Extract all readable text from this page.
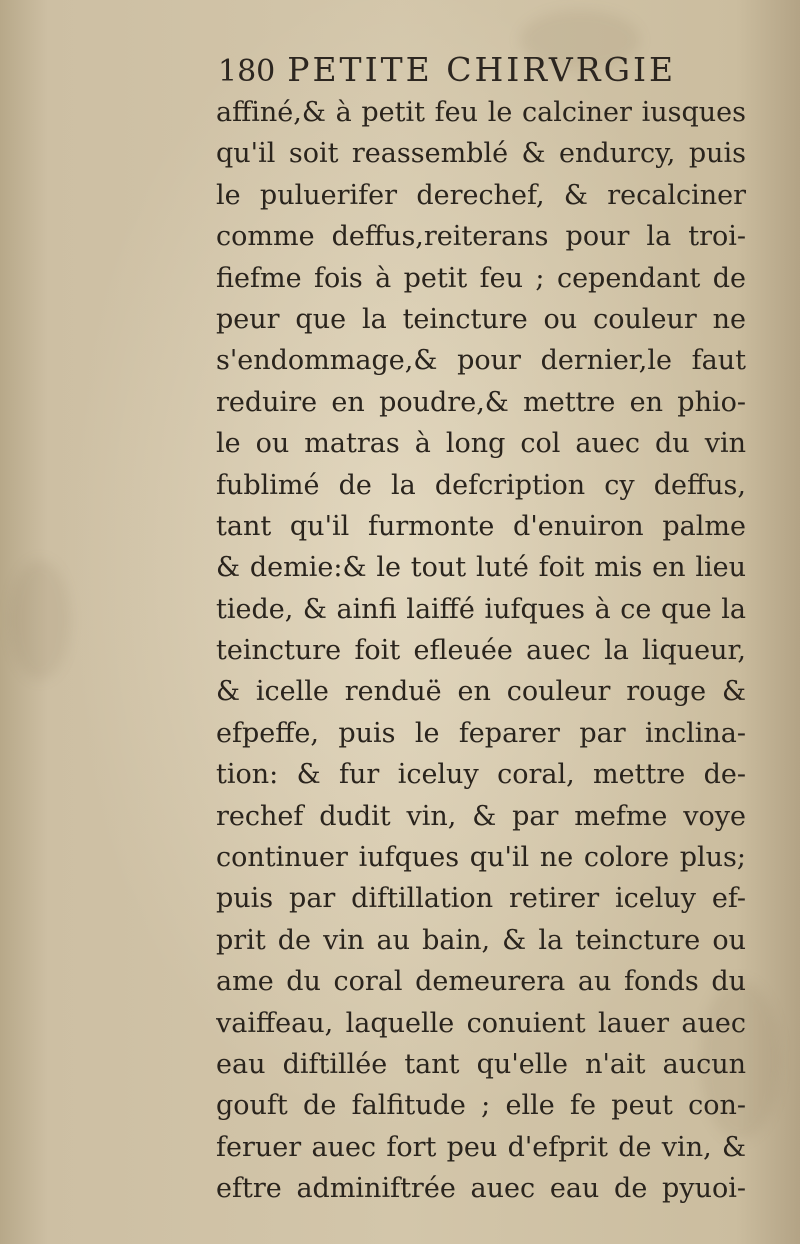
180 PETITE CHIRVRGIE
affiné,& à petit feu le calciner iusques
qu'il soit reassemblé & endurcy, puis
le puluerifer derechef, & recalciner
comme deffus,reiterans pour la troi-
fiefme fois à petit feu ; cependant de
peur que la teincture ou couleur ne
s'endommage,& pour dernier,le faut
reduire en poudre,& mettre en phio-
le ou matras à long col auec du vin
fublimé de la defcription cy deffus,
tant qu'il furmonte d'enuiron palme
& demie:& le tout luté foit mis en lieu
tiede, & ainfi laiffé iufques à ce que la
teincture foit efleuée auec la liqueur,
& icelle renduë en couleur rouge &
efpeffe, puis le feparer par inclina-
tion: & fur iceluy coral, mettre de-
rechef dudit vin, & par mefme voye
continuer iufques qu'il ne colore plus;
puis par diftillation retirer iceluy ef-
prit de vin au bain, & la teincture ou
ame du coral demeurera au fonds du
vaiffeau, laquelle conuient lauer auec
eau diftillée tant qu'elle n'ait aucun
gouft de falfitude ; elle fe peut con-
feruer auec fort peu d'efprit de vin, &
eftre adminiftrée auec eau de pyuoi-
